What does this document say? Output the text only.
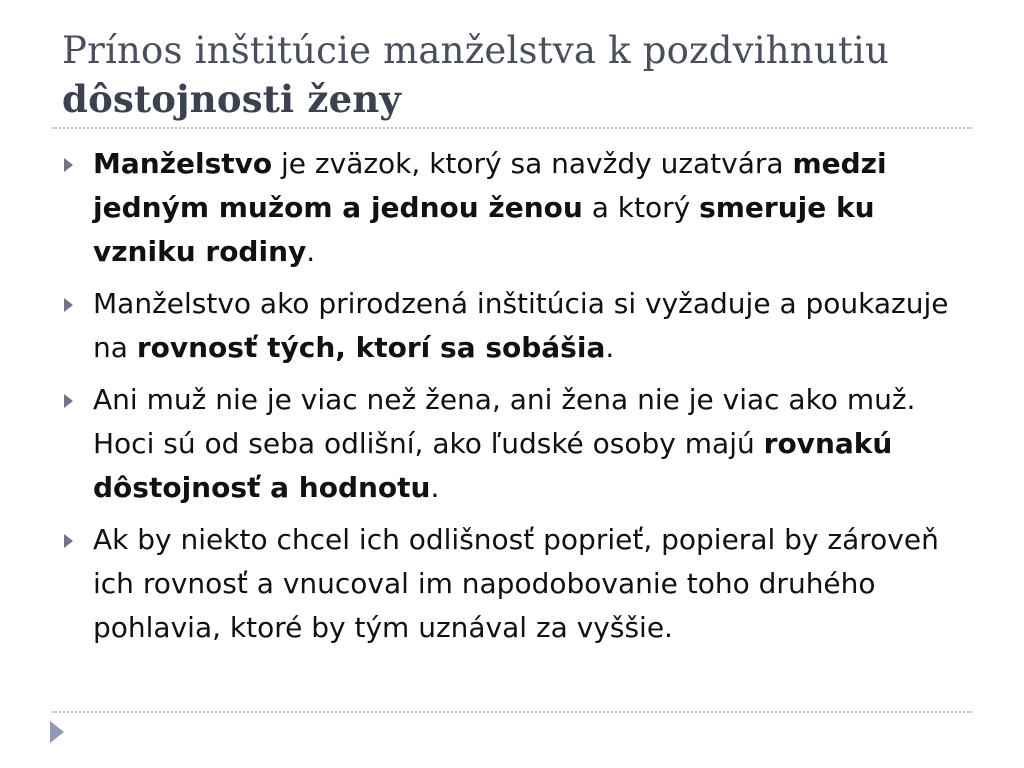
Prínos inštitúcie manželstva k pozdvihnutiu
dôstojnosti ženy
Manželstvo je zväzok, ktorý sa navždy uzatvára medzi jedným mužom a jednou ženou a ktorý smeruje ku vzniku rodiny.
Manželstvo ako prirodzená inštitúcia si vyžaduje a poukazuje na rovnosť tých, ktorí sa sobášia.
Ani muž nie je viac než žena, ani žena nie je viac ako muž. Hoci sú od seba odlišní, ako ľudské osoby majú rovnakú dôstojnosť a hodnotu.
Ak by niekto chcel ich odlišnosť poprieť, popieral by zároveň ich rovnosť a vnucoval im napodobovanie toho druhého pohlavia, ktoré by tým uznával za vyššie.
